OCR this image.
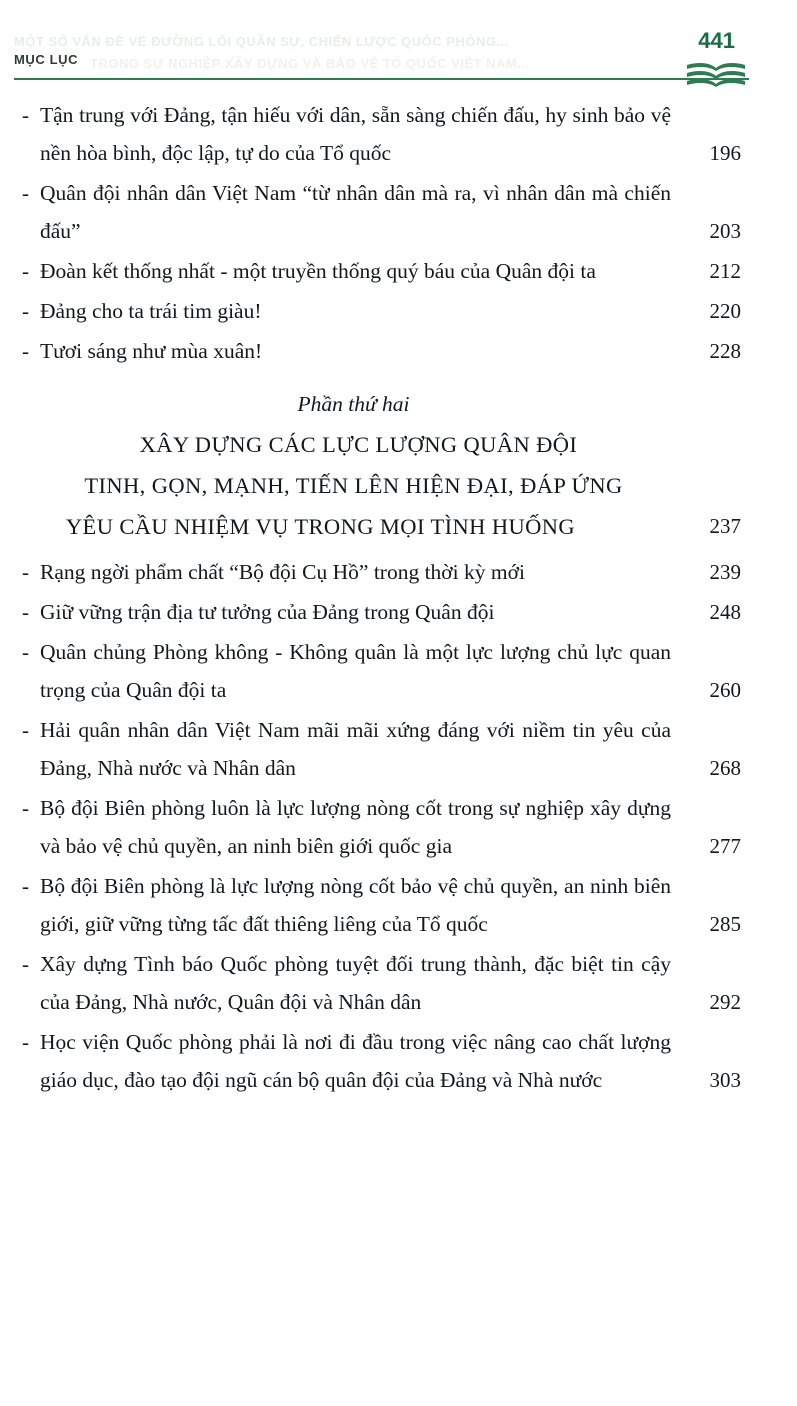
MỘT SỐ VẤN ĐỀ VỀ ĐƯỜNG LỐI QUÂN SỰ, CHIẾN LƯỢC QUỐC PHÒNG...
TRONG SỰ NGHIỆP XÂY DỰNG VÀ BẢO VỆ TỔ QUỐC VIỆT NAM...
MỤC LỤC
441
- Tận trung với Đảng, tận hiếu với dân, sẵn sàng chiến đấu, hy sinh bảo vệ nền hòa bình, độc lập, tự do của Tổ quốc	196
- Quân đội nhân dân Việt Nam “từ nhân dân mà ra, vì nhân dân mà chiến đấu”	203
- Đoàn kết thống nhất - một truyền thống quý báu của Quân đội ta	212
- Đảng cho ta trái tim giàu!	220
- Tươi sáng như mùa xuân!	228
Phần thứ hai
XÂY DỰNG CÁC LỰC LƯỢNG QUÂN ĐỘI
TINH, GỌN, MẠNH, TIẾN LÊN HIỆN ĐẠI, ĐÁP ỨNG
YÊU CẦU NHIỆM VỤ TRONG MỌI TÌNH HUỐNG	237
- Rạng ngời phẩm chất “Bộ đội Cụ Hồ” trong thời kỳ mới	239
- Giữ vững trận địa tư tưởng của Đảng trong Quân đội	248
- Quân chủng Phòng không - Không quân là một lực lượng chủ lực quan trọng của Quân đội ta	260
- Hải quân nhân dân Việt Nam mãi mãi xứng đáng với niềm tin yêu của Đảng, Nhà nước và Nhân dân	268
- Bộ đội Biên phòng luôn là lực lượng nòng cốt trong sự nghiệp xây dựng và bảo vệ chủ quyền, an ninh biên giới quốc gia	277
- Bộ đội Biên phòng là lực lượng nòng cốt bảo vệ chủ quyền, an ninh biên giới, giữ vững từng tấc đất thiêng liêng của Tổ quốc	285
- Xây dựng Tình báo Quốc phòng tuyệt đối trung thành, đặc biệt tin cậy của Đảng, Nhà nước, Quân đội và Nhân dân	292
- Học viện Quốc phòng phải là nơi đi đầu trong việc nâng cao chất lượng giáo dục, đào tạo đội ngũ cán bộ quân đội của Đảng và Nhà nước	303
